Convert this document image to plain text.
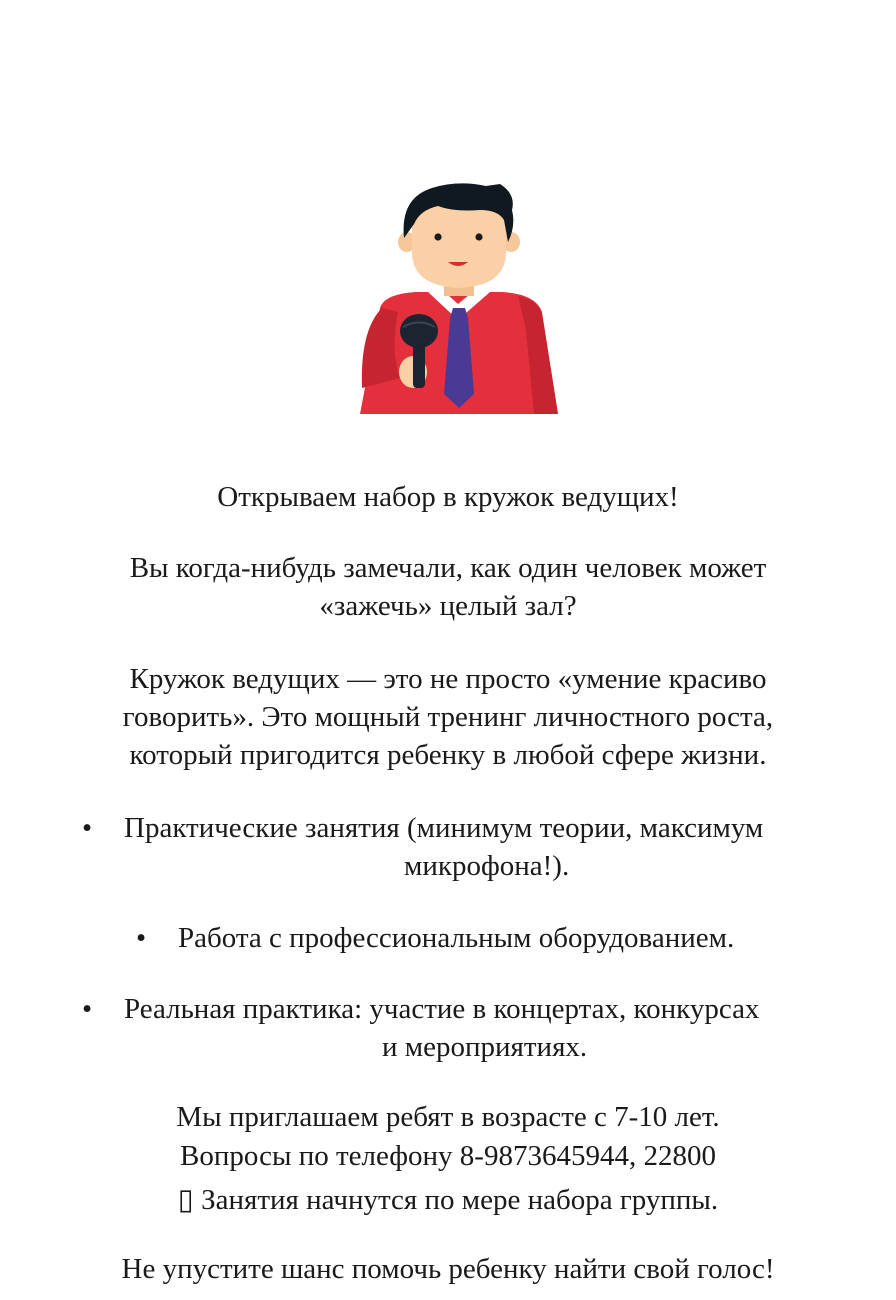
Открываем набор в кружок ведущих!
Вы когда-нибудь замечали, как один человек может
«зажечь» целый зал?
Кружок ведущих — это не просто «умение красиво
говорить». Это мощный тренинг личностного роста,
который пригодится ребенку в любой сфере жизни.
• Практические занятия (минимум теории, максимум
микрофона!).
• Работа с профессиональным оборудованием.
• Реальная практика: участие в концертах, конкурсах
и мероприятиях.
Мы приглашаем ребят в возрасте с 7-10 лет.
Вопросы по телефону 8-9873645944, 22800
▯ Занятия начнутся по мере набора группы.
Не упустите шанс помочь ребенку найти свой голос!
